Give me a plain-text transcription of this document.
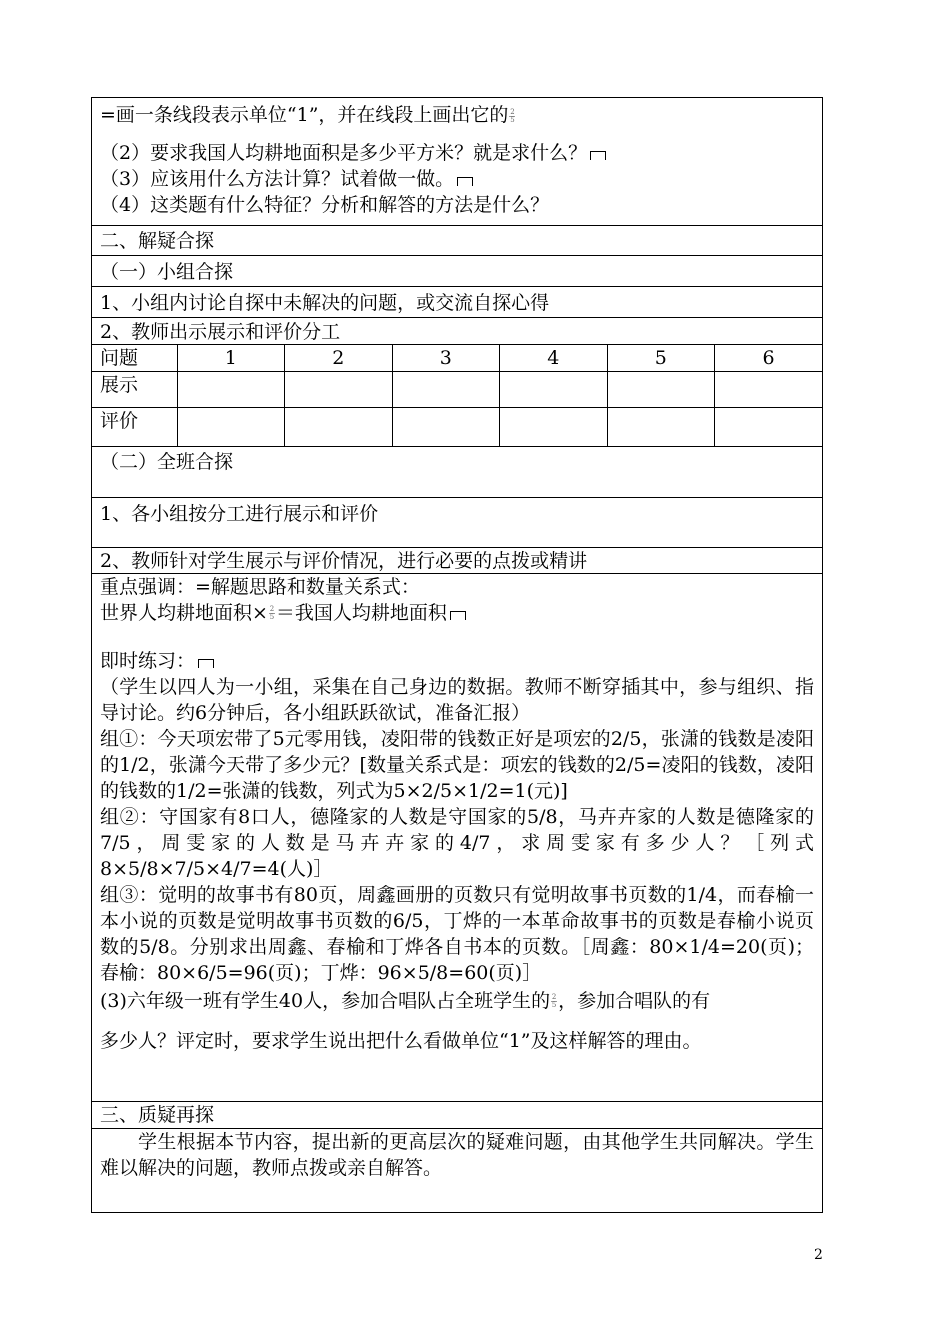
=画一条线段表示单位“1”，并在线段上画出它的 $\frac{2}{5}$

（2）要求我国人均耕地面积是多少平方米？就是求什么？

（3）应该用什么方法计算？试着做一做。

（4）这类题有什么特征？分析和解答的方法是什么？

二、解疑合探
（一）小组合探
1、小组内讨论自探中未解决的问题，或交流自探心得
2、教师出示展示和评价分工
问题	1	2	3	4	5	6
展示						
评价						
（二）全班合探
1、各小组按分工进行展示和评价
2、教师针对学生展示与评价情况，进行必要的点拨或精讲

重点强调：=解题思路和数量关系式：

世界人均耕地面积× $\frac{2}{5}$ ＝我国人均耕地面积

即时练习：

（学生以四人为一小组，采集在自己身边的数据。教师不断穿插其中，参与组织、指导讨论。约6分钟后，各小组跃跃欲试，准备汇报）

组①：今天项宏带了5元零用钱，凌阳带的钱数正好是项宏的2/5，张潇的钱数是凌阳的1/2，张潇今天带了多少元？[数量关系式是：项宏的钱数的2/5=凌阳的钱数，凌阳的钱数的1/2=张潇的钱数，列式为5×2/5×1/2=1(元)]

组②：守国家有8口人，德隆家的人数是守国家的5/8，马卉卉家的人数是德隆家的7/5，周雯家的人数是马卉卉家的4/7，求周雯家有多少人？［列式8×5/8×7/5×4/7=4(人)］

组③：觉明的故事书有80页，周鑫画册的页数只有觉明故事书页数的1/4，而春榆一本小说的页数是觉明故事书页数的6/5，丁烨的一本革命故事书的页数是春榆小说页数的5/8。分别求出周鑫、春榆和丁烨各自书本的页数。［周鑫：80×1/4=20(页)；春榆：80×6/5=96(页)；丁烨：96×5/8=60(页)］

(3)六年级一班有学生40人，参加合唱队占全班学生的 $\frac{2}{5}$ ，参加合唱队的有

多少人？评定时，要求学生说出把什么看做单位“1”及这样解答的理由。

三、质疑再探

学生根据本节内容，提出新的更高层次的疑难问题，由其他学生共同解决。学生难以解决的问题，教师点拨或亲自解答。

2
